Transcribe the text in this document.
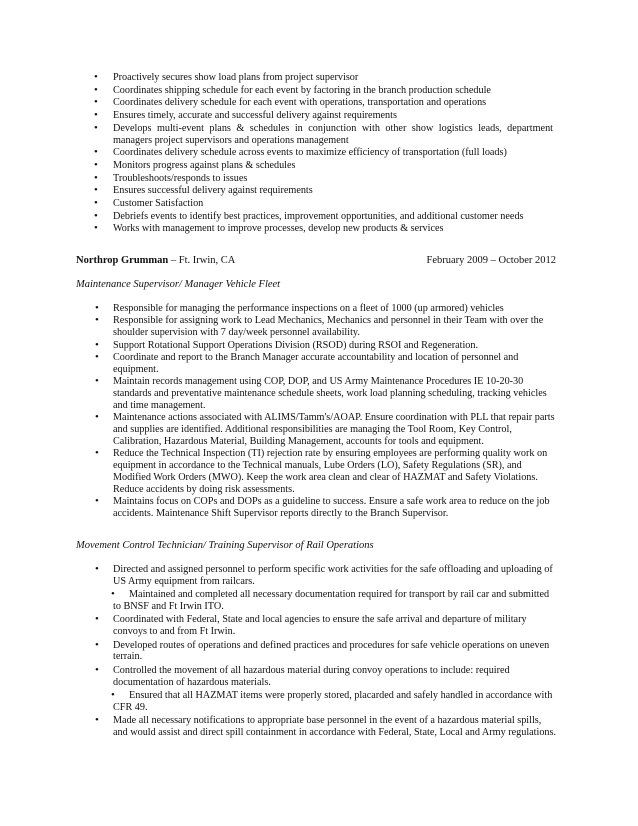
• Proactively secures show load plans from project supervisor
• Coordinates shipping schedule for each event by factoring in the branch production schedule
• Coordinates delivery schedule for each event with operations, transportation and operations
• Ensures timely, accurate and successful delivery against requirements
• Develops multi-event plans & schedules in conjunction with other show logistics leads, department managers project supervisors and operations management
• Coordinates delivery schedule across events to maximize efficiency of transportation (full loads)
• Monitors progress against plans & schedules
• Troubleshoots/responds to issues
• Ensures successful delivery against requirements
• Customer Satisfaction
• Debriefs events to identify best practices, improvement opportunities, and additional customer needs
• Works with management to improve processes, develop new products & services
Northrop Grumman – Ft. Irwin, CA	February 2009 – October 2012
Maintenance Supervisor/ Manager Vehicle Fleet
• Responsible for managing the performance inspections on a fleet of 1000 (up armored) vehicles
• Responsible for assigning work to Lead Mechanics, Mechanics and personnel in their Team with over the shoulder supervision with 7 day/week personnel availability.
• Support Rotational Support Operations Division (RSOD) during RSOI and Regeneration.
• Coordinate and report to the Branch Manager accurate accountability and location of personnel and equipment.
• Maintain records management using COP, DOP, and US Army Maintenance Procedures IE 10-20-30 standards and preventative maintenance schedule sheets, work load planning scheduling, tracking vehicles and time management.
• Maintenance actions associated with ALIMS/Tamm's/AOAP. Ensure coordination with PLL that repair parts and supplies are identified. Additional responsibilities are managing the Tool Room, Key Control, Calibration, Hazardous Material, Building Management, accounts for tools and equipment.
• Reduce the Technical Inspection (TI) rejection rate by ensuring employees are performing quality work on equipment in accordance to the Technical manuals, Lube Orders (LO), Safety Regulations (SR), and Modified Work Orders (MWO). Keep the work area clean and clear of HAZMAT and Safety Violations. Reduce accidents by doing risk assessments.
• Maintains focus on COPs and DOPs as a guideline to success. Ensure a safe work area to reduce on the job accidents. Maintenance Shift Supervisor reports directly to the Branch Supervisor.
Movement Control Technician/ Training Supervisor of Rail Operations
• Directed and assigned personnel to perform specific work activities for the safe offloading and uploading of US Army equipment from railcars.
• Maintained and completed all necessary documentation required for transport by rail car and submitted to BNSF and Ft Irwin ITO.
• Coordinated with Federal, State and local agencies to ensure the safe arrival and departure of military convoys to and from Ft Irwin.
• Developed routes of operations and defined practices and procedures for safe vehicle operations on uneven terrain.
• Controlled the movement of all hazardous material during convoy operations to include: required documentation of hazardous materials.
• Ensured that all HAZMAT items were properly stored, placarded and safely handled in accordance with CFR 49.
• Made all necessary notifications to appropriate base personnel in the event of a hazardous material spills, and would assist and direct spill containment in accordance with Federal, State, Local and Army regulations.
